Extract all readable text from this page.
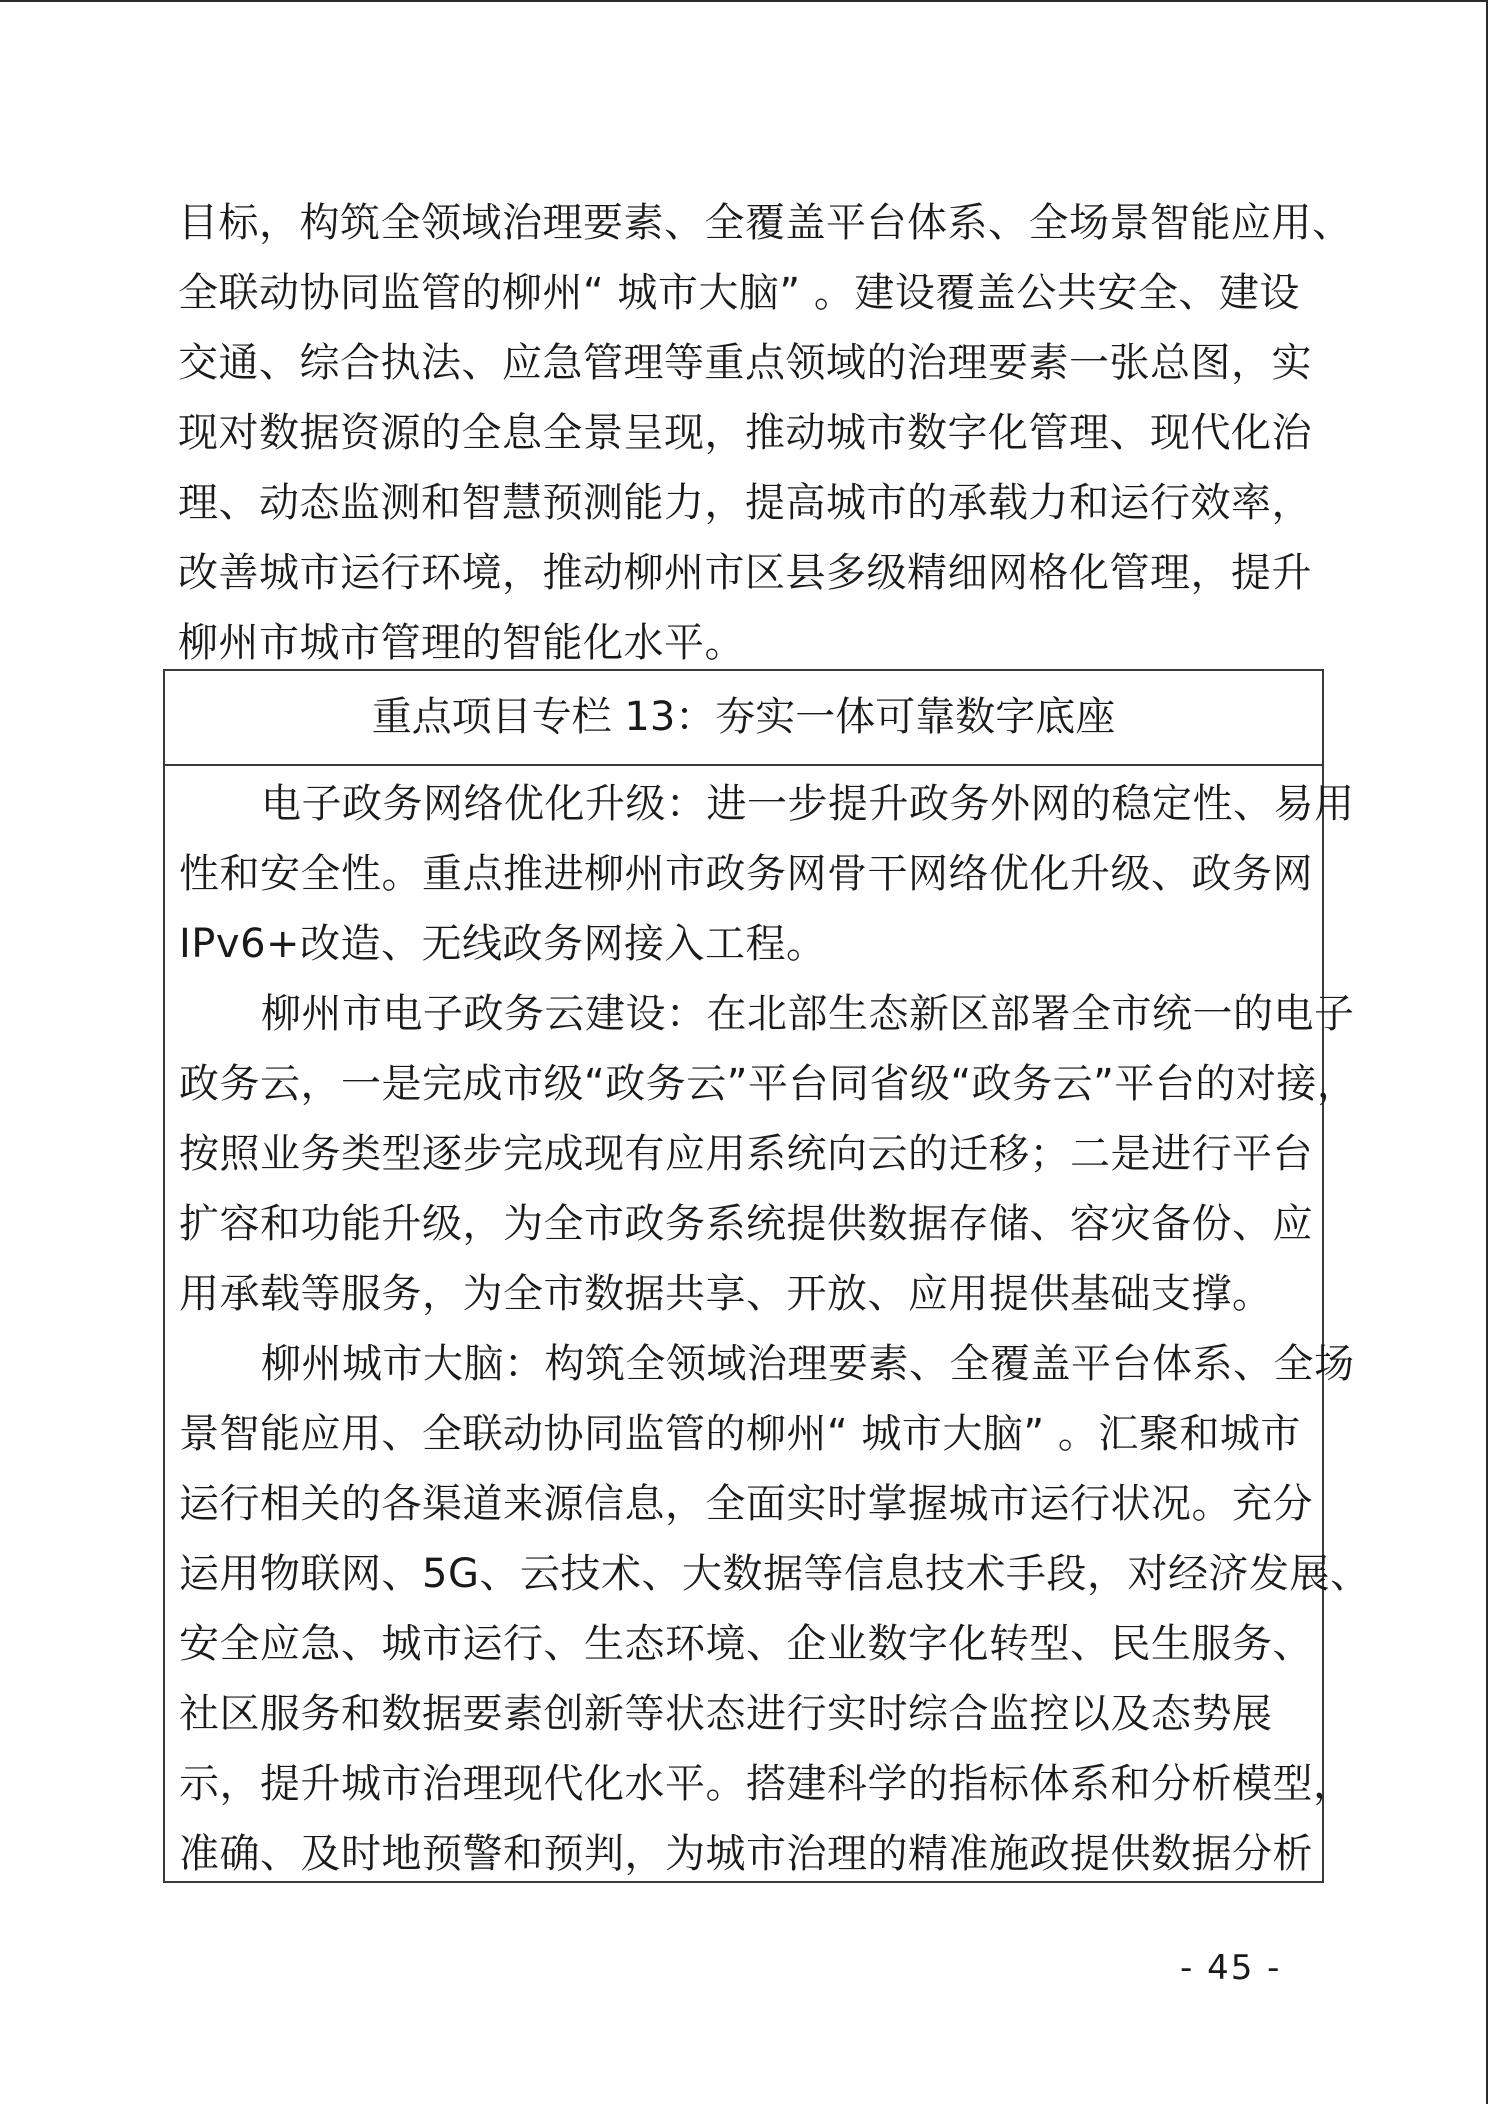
目标，构筑全领域治理要素、全覆盖平台体系、全场景智能应用、
全联动协同监管的柳州“ 城市大脑” 。建设覆盖公共安全、建设
交通、综合执法、应急管理等重点领域的治理要素一张总图，实
现对数据资源的全息全景呈现，推动城市数字化管理、现代化治
理、动态监测和智慧预测能力，提高城市的承载力和运行效率，
改善城市运行环境，推动柳州市区县多级精细网格化管理，提升
柳州市城市管理的智能化水平。
重点项目专栏 13：夯实一体可靠数字底座
电子政务网络优化升级：进一步提升政务外网的稳定性、易用
性和安全性。重点推进柳州市政务网骨干网络优化升级、政务网
IPv6+改造、无线政务网接入工程。
柳州市电子政务云建设：在北部生态新区部署全市统一的电子
政务云，一是完成市级“政务云”平台同省级“政务云”平台的对接，
按照业务类型逐步完成现有应用系统向云的迁移；二是进行平台
扩容和功能升级，为全市政务系统提供数据存储、容灾备份、应
用承载等服务，为全市数据共享、开放、应用提供基础支撑。
柳州城市大脑：构筑全领域治理要素、全覆盖平台体系、全场
景智能应用、全联动协同监管的柳州“ 城市大脑” 。汇聚和城市
运行相关的各渠道来源信息，全面实时掌握城市运行状况。充分
运用物联网、5G、云技术、大数据等信息技术手段，对经济发展、
安全应急、城市运行、生态环境、企业数字化转型、民生服务、
社区服务和数据要素创新等状态进行实时综合监控以及态势展
示，提升城市治理现代化水平。搭建科学的指标体系和分析模型，
准确、及时地预警和预判，为城市治理的精准施政提供数据分析
- 45 -
